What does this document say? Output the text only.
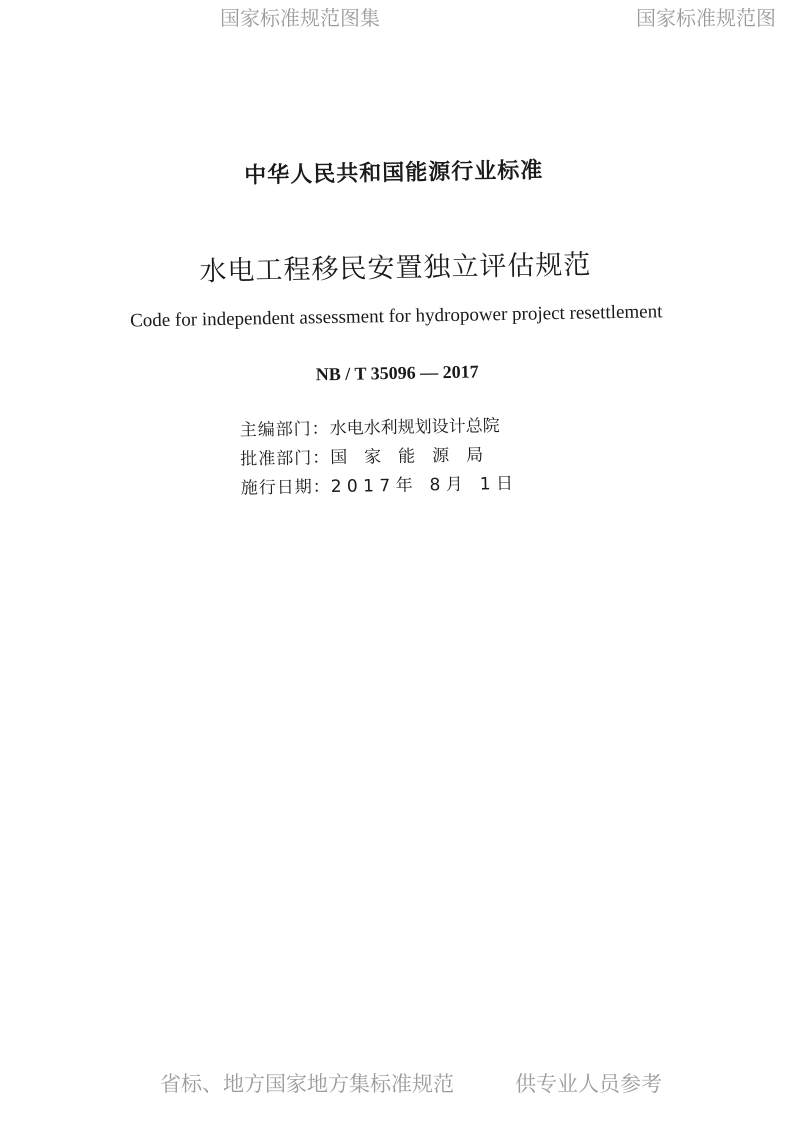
国家标准规范图集	国家标准规范图
中华人民共和国能源行业标准
水电工程移民安置独立评估规范
Code for independent assessment for hydropower project resettlement
NB / T 35096 — 2017
主编部门：水电水利规划设计总院
批准部门：国　家　能　源　局
施行日期：2 0 1 7 年　8 月　1 日
省标、地方国家地方集标准规范	供专业人员参考
